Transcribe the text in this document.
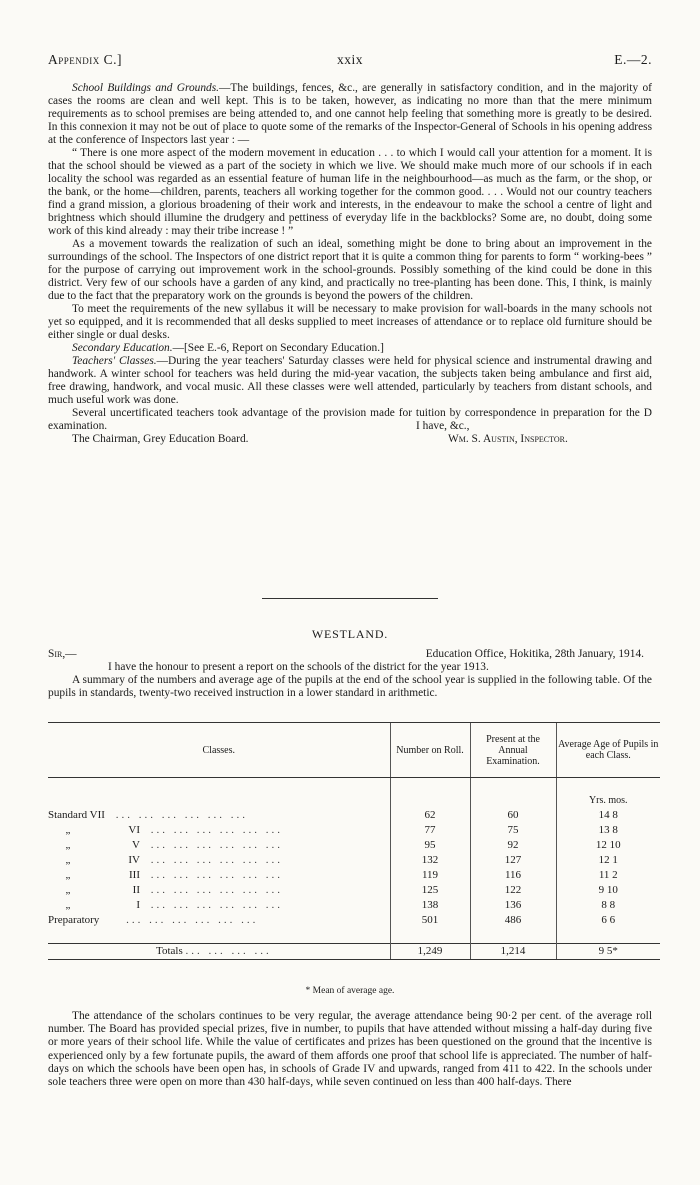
Appendix C.]	xxix	E.—2.

School Buildings and Grounds.—The buildings, fences, &c., are generally in satisfactory condition, and in the majority of cases the rooms are clean and well kept. This is to be taken, however, as indicating no more than that the mere minimum requirements as to school premises are being attended to, and one cannot help feeling that something more is greatly to be desired. In this connexion it may not be out of place to quote some of the remarks of the Inspector-General of Schools in his opening address at the conference of Inspectors last year : —

“ There is one more aspect of the modern movement in education . . . to which I would call your attention for a moment. It is that the school should be viewed as a part of the society in which we live. We should make much more of our schools if in each locality the school was regarded as an essential feature of human life in the neighbourhood—as much as the farm, or the shop, or the bank, or the home—children, parents, teachers all working together for the common good. . . . Would not our country teachers find a grand mission, a glorious broadening of their work and interests, in the endeavour to make the school a centre of light and brightness which should illumine the drudgery and pettiness of everyday life in the backblocks? Some are, no doubt, doing some work of this kind already : may their tribe increase ! ”

As a movement towards the realization of such an ideal, something might be done to bring about an improvement in the surroundings of the school. The Inspectors of one district report that it is quite a common thing for parents to form “ working-bees ” for the purpose of carrying out improvement work in the school-grounds. Possibly something of the kind could be done in this district. Very few of our schools have a garden of any kind, and practically no tree-planting has been done. This, I think, is mainly due to the fact that the preparatory work on the grounds is beyond the powers of the children.

To meet the requirements of the new syllabus it will be necessary to make provision for wall-boards in the many schools not yet so equipped, and it is recommended that all desks supplied to meet increases of attendance or to replace old furniture should be either single or dual desks.

Secondary Education.—[See E.-6, Report on Secondary Education.]

Teachers' Classes.—During the year teachers' Saturday classes were held for physical science and instrumental drawing and handwork. A winter school for teachers was held during the mid-year vacation, the subjects taken being ambulance and first aid, free drawing, handwork, and vocal music. All these classes were well attended, particularly by teachers from distant schools, and much useful work was done.

Several uncertificated teachers took advantage of the provision made for tuition by correspondence in preparation for the D examination.	I have, &c.,
The Chairman, Grey Education Board.	Wm. S. Austin, Inspector.
WESTLAND.
Sir,—	Education Office, Hokitika, 28th January, 1914.

I have the honour to present a report on the schools of the district for the year 1913.

A summary of the numbers and average age of the pupils at the end of the school year is supplied in the following table. Of the pupils in standards, twenty-two received instruction in a lower standard in arithmetic.

Classes.	Number on Roll.	Present at the Annual Examination.	Average Age of Pupils in each Class.

			Yrs. mos.
Standard VII ... ... ... ... ... ...	62	60	14 8
„ VI ... ... ... ... ... ...	77	75	13 8
„ V ... ... ... ... ... ...	95	92	12 10
„ IV ... ... ... ... ... ...	132	127	12 1
„ III ... ... ... ... ... ...	119	116	11 2
„ II ... ... ... ... ... ...	125	122	9 10
„ I ... ... ... ... ... ...	138	136	8 8
Preparatory ... ... ... ... ... ...	501	486	6 6

Totals ... ... ... ...	1,249	1,214	9 5*
* Mean of average age.

The attendance of the scholars continues to be very regular, the average attendance being 90·2 per cent. of the average roll number. The Board has provided special prizes, five in number, to pupils that have attended without missing a half-day during five or more years of their school life. While the value of certificates and prizes has been questioned on the ground that the incentive is experienced only by a few fortunate pupils, the award of them affords one proof that school life is appreciated. The number of half-days on which the schools have been open has, in schools of Grade IV and upwards, ranged from 411 to 422. In the schools under sole teachers three were open on more than 430 half-days, while seven continued on less than 400 half-days. There
